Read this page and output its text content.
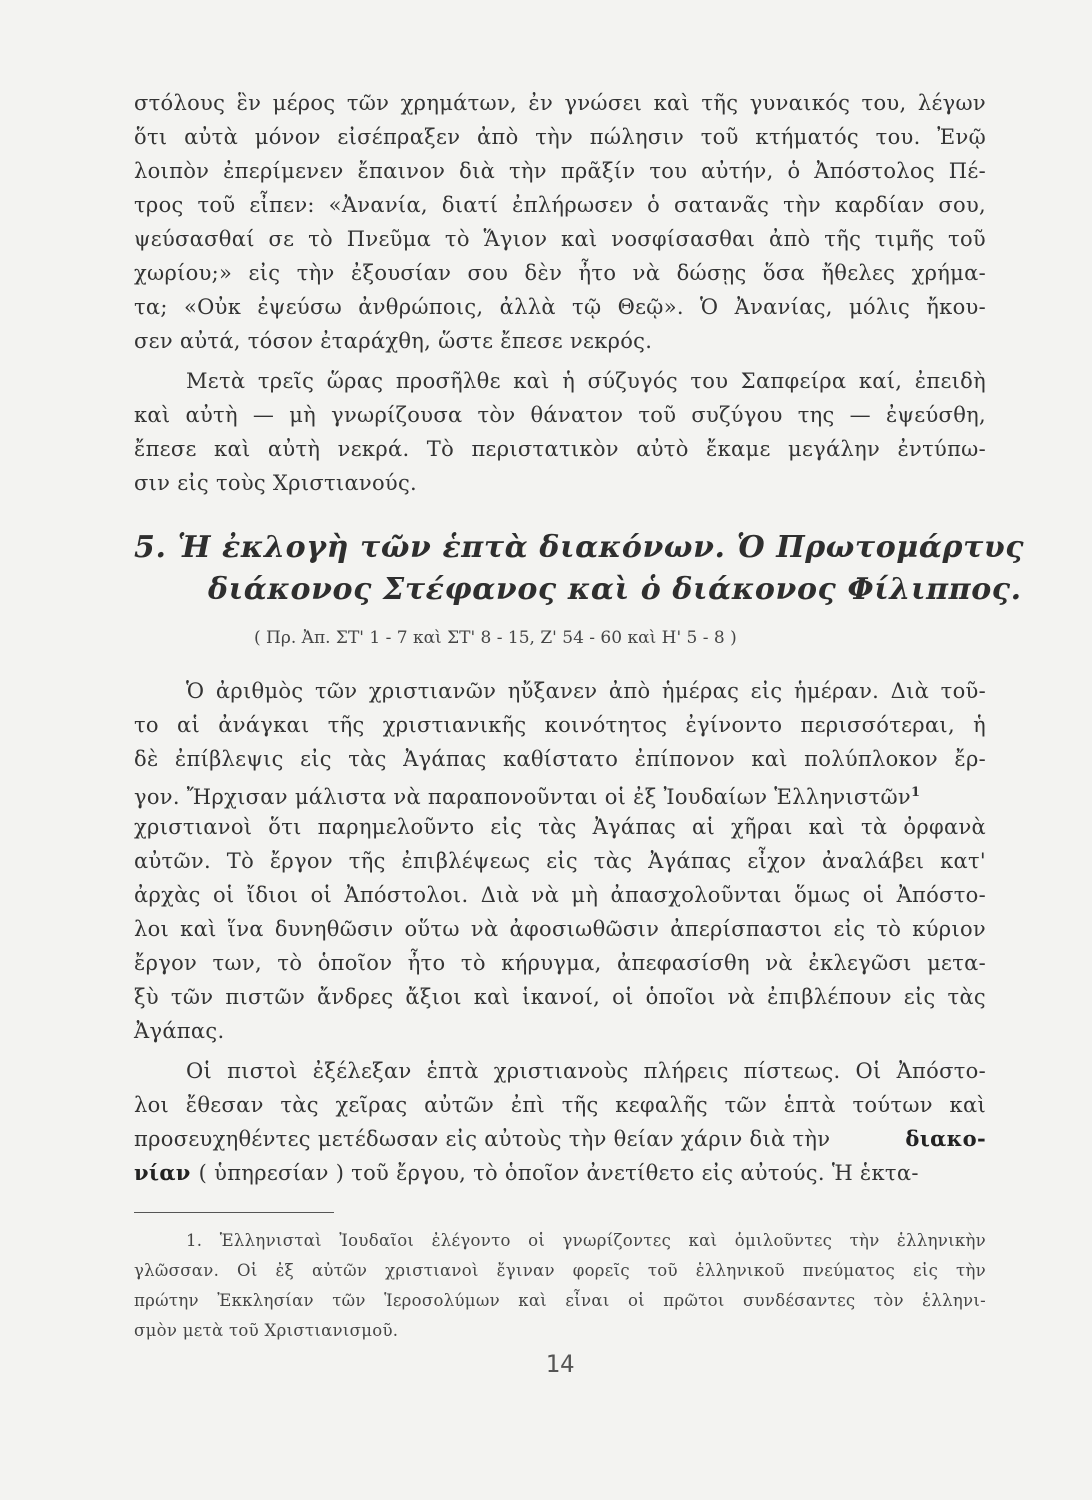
στόλους ἓν μέρος τῶν χρημάτων, ἐν γνώσει καὶ τῆς γυναικός του, λέγων
ὅτι αὐτὰ μόνον εἰσέπραξεν ἀπὸ τὴν πώλησιν τοῦ κτήματός του. Ἐνῷ
λοιπὸν ἐπερίμενεν ἔπαινον διὰ τὴν πρᾶξίν του αὐτήν, ὁ Ἀπόστολος Πέ-
τρος τοῦ εἶπεν: «Ἀνανία, διατί ἐπλήρωσεν ὁ σατανᾶς τὴν καρδίαν σου,
ψεύσασθαί σε τὸ Πνεῦμα τὸ Ἅγιον καὶ νοσφίσασθαι ἀπὸ τῆς τιμῆς τοῦ
χωρίου;» εἰς τὴν ἐξουσίαν σου δὲν ἦτο νὰ δώσῃς ὅσα ἤθελες χρήμα-
τα; «Οὐκ ἐψεύσω ἀνθρώποις, ἀλλὰ τῷ Θεῷ». Ὁ Ἀνανίας, μόλις ἤκου-
σεν αὐτά, τόσον ἐταράχθη, ὥστε ἔπεσε νεκρός.
Μετὰ τρεῖς ὥρας προσῆλθε καὶ ἡ σύζυγός του Σαπφείρα καί, ἐπειδὴ
καὶ αὐτὴ — μὴ γνωρίζουσα τὸν θάνατον τοῦ συζύγου της — ἐψεύσθη,
ἔπεσε καὶ αὐτὴ νεκρά. Τὸ περιστατικὸν αὐτὸ ἔκαμε μεγάλην ἐντύπω-
σιν εἰς τοὺς Χριστιανούς.
5. Ἡ ἐκλογὴ τῶν ἑπτὰ διακόνων. Ὁ Πρωτομάρτυς
διάκονος Στέφανος καὶ ὁ διάκονος Φίλιππος.
( Πρ. Ἀπ. ΣΤ' 1 - 7 καὶ ΣΤ' 8 - 15, Ζ' 54 - 60 καὶ Η' 5 - 8 )
Ὁ ἀριθμὸς τῶν χριστιανῶν ηὔξανεν ἀπὸ ἡμέρας εἰς ἡμέραν. Διὰ τοῦ-
το αἱ ἀνάγκαι τῆς χριστιανικῆς κοινότητος ἐγίνοντο περισσότεραι, ἡ
δὲ ἐπίβλεψις εἰς τὰς Ἀγάπας καθίστατο ἐπίπονον καὶ πολύπλοκον ἔρ-
γον. Ἤρχισαν μάλιστα νὰ παραπονοῦνται οἱ ἐξ Ἰουδαίων Ἑλληνιστῶν$^1$
χριστιανοὶ ὅτι παρημελοῦντο εἰς τὰς Ἀγάπας αἱ χῆραι καὶ τὰ ὀρφανὰ
αὐτῶν. Τὸ ἔργον τῆς ἐπιβλέψεως εἰς τὰς Ἀγάπας εἶχον ἀναλάβει κατ'
ἀρχὰς οἱ ἴδιοι οἱ Ἀπόστολοι. Διὰ νὰ μὴ ἀπασχολοῦνται ὅμως οἱ Ἀπόστο-
λοι καὶ ἵνα δυνηθῶσιν οὕτω νὰ ἀφοσιωθῶσιν ἀπερίσπαστοι εἰς τὸ κύριον
ἔργον των, τὸ ὁποῖον ἦτο τὸ κήρυγμα, ἀπεφασίσθη νὰ ἐκλεγῶσι μετα-
ξὺ τῶν πιστῶν ἄνδρες ἄξιοι καὶ ἱκανοί, οἱ ὁποῖοι νὰ ἐπιβλέπουν εἰς τὰς
Ἀγάπας.
Οἱ πιστοὶ ἐξέλεξαν ἑπτὰ χριστιανοὺς πλήρεις πίστεως. Οἱ Ἀπόστο-
λοι ἔθεσαν τὰς χεῖρας αὐτῶν ἐπὶ τῆς κεφαλῆς τῶν ἑπτὰ τούτων καὶ
προσευχηθέντες μετέδωσαν εἰς αὐτοὺς τὴν θείαν χάριν διὰ τὴν	διακο-
νίαν ( ὑπηρεσίαν ) τοῦ ἔργου, τὸ ὁποῖον ἀνετίθετο εἰς αὐτούς. Ἡ ἑκτα-
1. Ἑλληνισταὶ Ἰουδαῖοι ἐλέγοντο οἱ γνωρίζοντες καὶ ὁμιλοῦντες τὴν ἑλληνικὴν
γλῶσσαν. Οἱ ἐξ αὐτῶν χριστιανοὶ ἔγιναν φορεῖς τοῦ ἑλληνικοῦ πνεύματος εἰς τὴν
πρώτην Ἐκκλησίαν τῶν Ἱεροσολύμων καὶ εἶναι οἱ πρῶτοι συνδέσαντες τὸν ἑλληνι-
σμὸν μετὰ τοῦ Χριστιανισμοῦ.
14
